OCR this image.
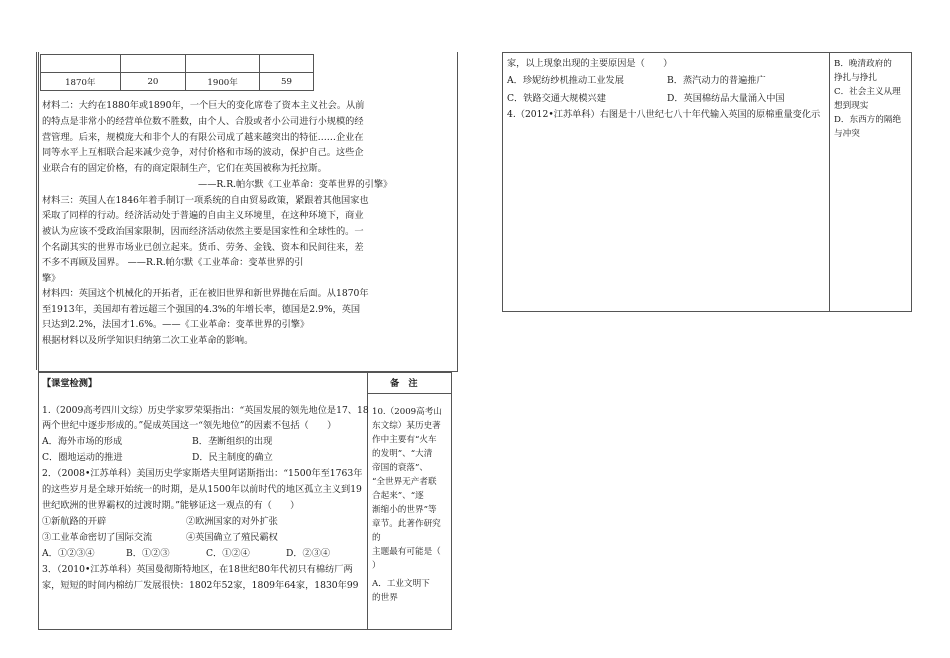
1870年	20	1900年	59
材料二：大约在1880年或1890年，一个巨大的变化席卷了资本主义社会。从前
的特点是非常小的经营单位数不胜数，由个人、合股或者小公司进行小规模的经
营管理。后来，规模庞大和非个人的有限公司成了越来越突出的特征……企业在
同等水平上互相联合起来减少竞争，对付价格和市场的波动，保护自己。这些企
业联合有的固定价格，有的商定限制生产，它们在英国被称为托拉斯。
——R.R.帕尔默《工业革命：变革世界的引擎》
材料三：英国人在1846年着手制订一项系统的自由贸易政策，紧跟着其他国家也
采取了同样的行动。经济活动处于普遍的自由主义环境里，在这种环境下，商业
被认为应该不受政治国家限制，因而经济活动依然主要是国家性和全球性的。一
个名副其实的世界市场业已创立起来。货币、劳务、金钱、资本和民间往来，差
不多不再顾及国界。 ——R.R.帕尔默《工业革命：变革世界的引
擎》
材料四：英国这个机械化的开拓者，正在被旧世界和新世界抛在后面。从1870年
至1913年，美国却有着远超三个强国的4.3%的年增长率，德国是2.9%，英国
只达到2.2%，法国才1.6%。——《工业革命：变革世界的引擎》
根据材料以及所学知识归纳第二次工业革命的影响。
【课堂检测】	备　注
1.（2009高考四川文综）历史学家罗荣渠指出：“英国发展的领先地位是17、18
两个世纪中逐步形成的。”促成英国这一“领先地位”的因素不包括（　　）
A．海外市场的形成	B．垄断组织的出现
C．圈地运动的推进	D．民主制度的确立
2．（2008•江苏单科）美国历史学家斯塔夫里阿诺斯指出：“1500年至1763年
的这些岁月是全球开始统一的时期，是从1500年以前时代的地区孤立主义到19
世纪欧洲的世界霸权的过渡时期。”能够证这一观点的有（　　）
①新航路的开辟	②欧洲国家的对外扩张
③工业革命密切了国际交流	④英国确立了殖民霸权
A．①②③④	B．①②③	C．①②④	D．②③④
3．（2010•江苏单科）英国曼彻斯特地区，在18世纪80年代初只有棉纺厂两
家，短短的时间内棉纺厂发展很快：1802年52家，1809年64家，1830年99
10.（2009高考山
东文综）某历史著
作中主要有“火车
的发明”、“大清
帝国的衰落”、
“全世界无产者联
合起来”、“逐
渐缩小的世界”等
章节。此著作研究
的
主题最有可能是（
）
A．工业文明下
的世界
家，以上现象出现的主要原因是（　　）
A．珍妮纺纱机推动工业发展	B．蒸汽动力的普遍推广
C．铁路交通大规模兴建	D．英国棉纺品大量涌入中国
4.（2012•江苏单科）右图是十八世纪七八十年代输入英国的原棉重量变化示
B．晚清政府的
挣扎与挣扎
C．社会主义从理
想到现实
D．东西方的隔绝
与冲突
